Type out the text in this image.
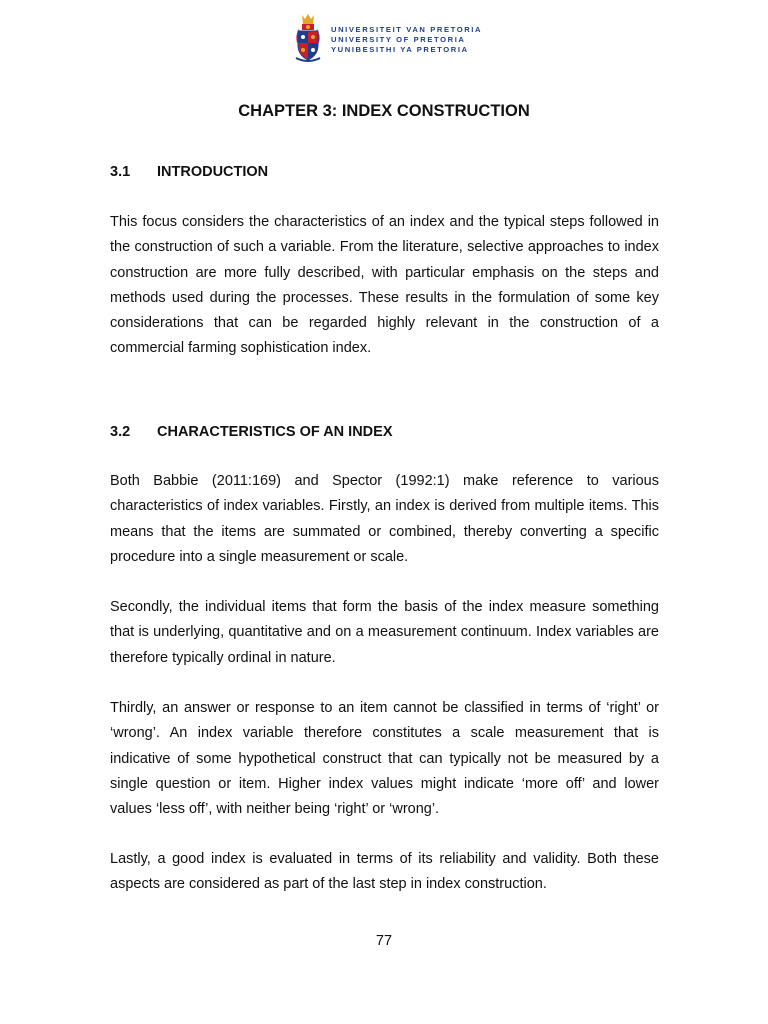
UNIVERSITEIT VAN PRETORIA
UNIVERSITY OF PRETORIA
YUNIBESITHI YA PRETORIA
CHAPTER 3: INDEX CONSTRUCTION
3.1 INTRODUCTION

This focus considers the characteristics of an index and the typical steps followed in the construction of such a variable. From the literature, selective approaches to index construction are more fully described, with particular emphasis on the steps and methods used during the processes. These results in the formulation of some key considerations that can be regarded highly relevant in the construction of a commercial farming sophistication index.

3.2 CHARACTERISTICS OF AN INDEX

Both Babbie (2011:169) and Spector (1992:1) make reference to various characteristics of index variables. Firstly, an index is derived from multiple items. This means that the items are summated or combined, thereby converting a specific procedure into a single measurement or scale.

Secondly, the individual items that form the basis of the index measure something that is underlying, quantitative and on a measurement continuum. Index variables are therefore typically ordinal in nature.

Thirdly, an answer or response to an item cannot be classified in terms of ‘right’ or ‘wrong’. An index variable therefore constitutes a scale measurement that is indicative of some hypothetical construct that can typically not be measured by a single question or item. Higher index values might indicate ‘more off’ and lower values ‘less off’, with neither being ‘right’ or ‘wrong’.

Lastly, a good index is evaluated in terms of its reliability and validity. Both these aspects are considered as part of the last step in index construction.

77
